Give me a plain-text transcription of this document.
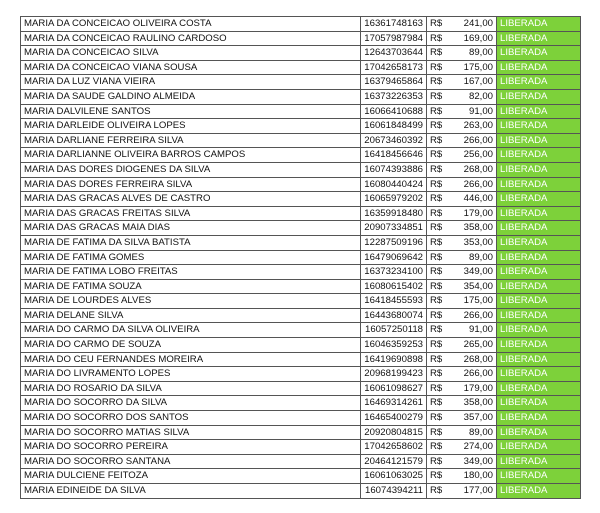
MARIA DA CONCEICAO OLIVEIRA COSTA	16361748163	R$	241,00	LIBERADA
MARIA DA CONCEICAO RAULINO CARDOSO	17057987984	R$	169,00	LIBERADA
MARIA DA CONCEICAO SILVA	12643703644	R$	89,00	LIBERADA
MARIA DA CONCEICAO VIANA SOUSA	17042658173	R$	175,00	LIBERADA
MARIA DA LUZ VIANA VIEIRA	16379465864	R$	167,00	LIBERADA
MARIA DA SAUDE GALDINO ALMEIDA	16373226353	R$	82,00	LIBERADA
MARIA DALVILENE SANTOS	16066410688	R$	91,00	LIBERADA
MARIA DARLEIDE OLIVEIRA LOPES	16061848499	R$	263,00	LIBERADA
MARIA DARLIANE FERREIRA SILVA	20673460392	R$	266,00	LIBERADA
MARIA DARLIANNE OLIVEIRA BARROS CAMPOS	16418456646	R$	256,00	LIBERADA
MARIA DAS DORES DIOGENES DA SILVA	16074393886	R$	268,00	LIBERADA
MARIA DAS DORES FERREIRA SILVA	16080440424	R$	266,00	LIBERADA
MARIA DAS GRACAS ALVES DE CASTRO	16065979202	R$	446,00	LIBERADA
MARIA DAS GRACAS FREITAS SILVA	16359918480	R$	179,00	LIBERADA
MARIA DAS GRACAS MAIA DIAS	20907334851	R$	358,00	LIBERADA
MARIA DE FATIMA DA SILVA BATISTA	12287509196	R$	353,00	LIBERADA
MARIA DE FATIMA GOMES	16479069642	R$	89,00	LIBERADA
MARIA DE FATIMA LOBO FREITAS	16373234100	R$	349,00	LIBERADA
MARIA DE FATIMA SOUZA	16080615402	R$	354,00	LIBERADA
MARIA DE LOURDES ALVES	16418455593	R$	175,00	LIBERADA
MARIA DELANE SILVA	16443680074	R$	266,00	LIBERADA
MARIA DO CARMO DA SILVA OLIVEIRA	16057250118	R$	91,00	LIBERADA
MARIA DO CARMO DE SOUZA	16046359253	R$	265,00	LIBERADA
MARIA DO CEU FERNANDES MOREIRA	16419690898	R$	268,00	LIBERADA
MARIA DO LIVRAMENTO LOPES	20968199423	R$	266,00	LIBERADA
MARIA DO ROSARIO DA SILVA	16061098627	R$	179,00	LIBERADA
MARIA DO SOCORRO DA SILVA	16469314261	R$	358,00	LIBERADA
MARIA DO SOCORRO DOS SANTOS	16465400279	R$	357,00	LIBERADA
MARIA DO SOCORRO MATIAS SILVA	20920804815	R$	89,00	LIBERADA
MARIA DO SOCORRO PEREIRA	17042658602	R$	274,00	LIBERADA
MARIA DO SOCORRO SANTANA	20464121579	R$	349,00	LIBERADA
MARIA DULCIENE FEITOZA	16061063025	R$	180,00	LIBERADA
MARIA EDINEIDE DA SILVA	16074394211	R$	177,00	LIBERADA
